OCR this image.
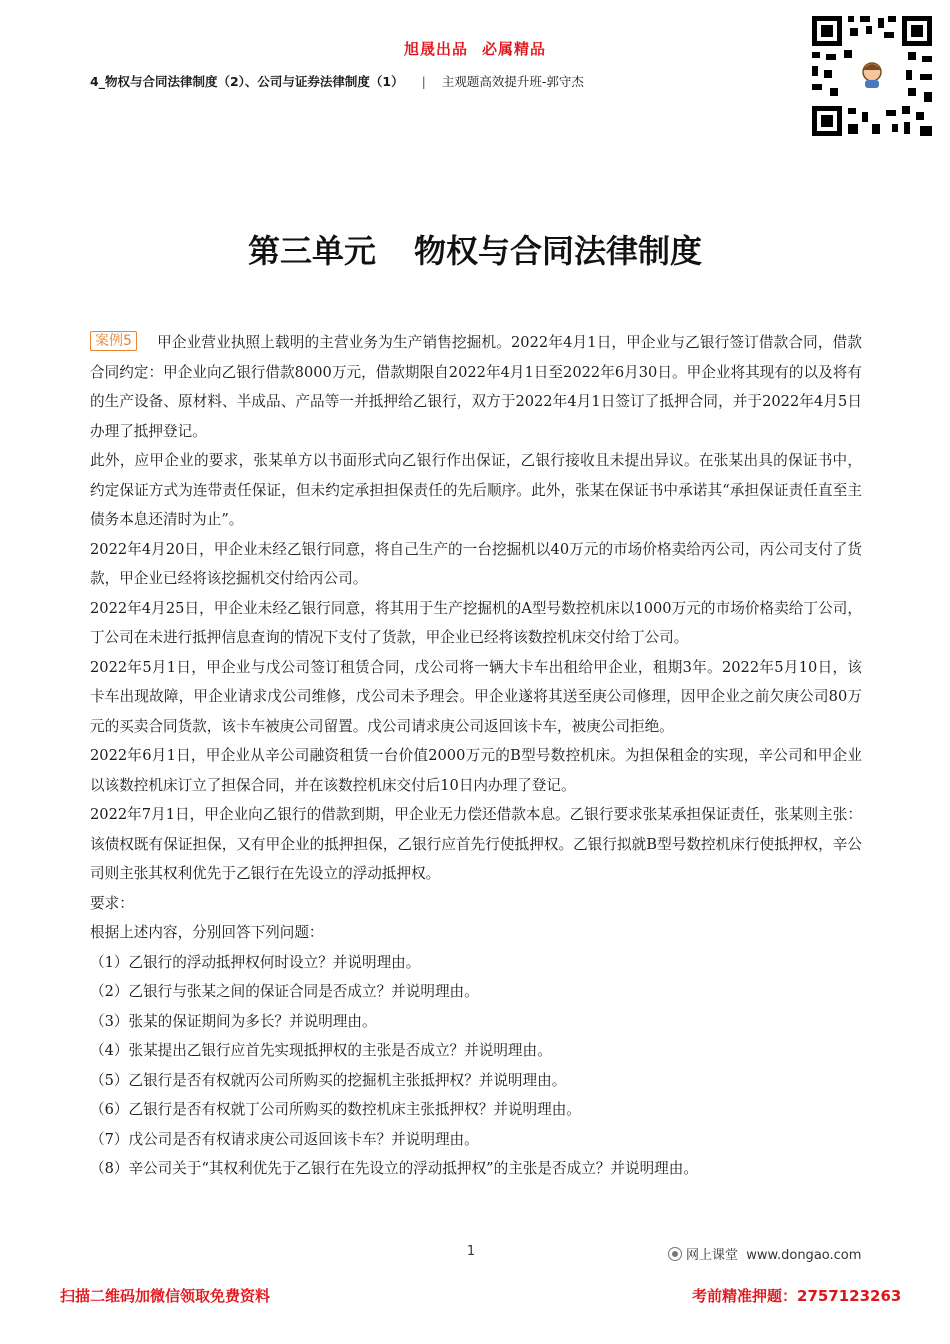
旭晟出品 必属精品
4_物权与合同法律制度（2）、公司与证券法律制度（1） | 主观题高效提升班-郭守杰
第三单元 物权与合同法律制度

案例5 甲企业营业执照上载明的主营业务为生产销售挖掘机。2022年4月1日，甲企业与乙银行签订借款合同，借款合同约定：甲企业向乙银行借款8000万元，借款期限自2022年4月1日至2022年6月30日。甲企业将其现有的以及将有的生产设备、原材料、半成品、产品等一并抵押给乙银行，双方于2022年4月1日签订了抵押合同，并于2022年4月5日办理了抵押登记。

此外，应甲企业的要求，张某单方以书面形式向乙银行作出保证，乙银行接收且未提出异议。在张某出具的保证书中，约定保证方式为连带责任保证，但未约定承担担保责任的先后顺序。此外，张某在保证书中承诺其“承担保证责任直至主债务本息还清时为止”。

2022年4月20日，甲企业未经乙银行同意，将自己生产的一台挖掘机以40万元的市场价格卖给丙公司，丙公司支付了货款，甲企业已经将该挖掘机交付给丙公司。

2022年4月25日，甲企业未经乙银行同意，将其用于生产挖掘机的A型号数控机床以1000万元的市场价格卖给丁公司，丁公司在未进行抵押信息查询的情况下支付了货款，甲企业已经将该数控机床交付给丁公司。

2022年5月1日，甲企业与戊公司签订租赁合同，戊公司将一辆大卡车出租给甲企业，租期3年。2022年5月10日，该卡车出现故障，甲企业请求戊公司维修，戊公司未予理会。甲企业遂将其送至庚公司修理，因甲企业之前欠庚公司80万元的买卖合同货款，该卡车被庚公司留置。戊公司请求庚公司返回该卡车，被庚公司拒绝。

2022年6月1日，甲企业从辛公司融资租赁一台价值2000万元的B型号数控机床。为担保租金的实现，辛公司和甲企业以该数控机床订立了担保合同，并在该数控机床交付后10日内办理了登记。

2022年7月1日，甲企业向乙银行的借款到期，甲企业无力偿还借款本息。乙银行要求张某承担保证责任，张某则主张：该债权既有保证担保，又有甲企业的抵押担保，乙银行应首先行使抵押权。乙银行拟就B型号数控机床行使抵押权，辛公司则主张其权利优先于乙银行在先设立的浮动抵押权。

要求：

根据上述内容，分别回答下列问题：

（1）乙银行的浮动抵押权何时设立？并说明理由。

（2）乙银行与张某之间的保证合同是否成立？并说明理由。

（3）张某的保证期间为多长？并说明理由。

（4）张某提出乙银行应首先实现抵押权的主张是否成立？并说明理由。

（5）乙银行是否有权就丙公司所购买的挖掘机主张抵押权？并说明理由。

（6）乙银行是否有权就丁公司所购买的数控机床主张抵押权？并说明理由。

（7）戊公司是否有权请求庚公司返回该卡车？并说明理由。

（8）辛公司关于“其权利优先于乙银行在先设立的浮动抵押权”的主张是否成立？并说明理由。

1	网上课堂 www.dongao.com
扫描二维码加微信领取免费资料	考前精准押题：2757123263
